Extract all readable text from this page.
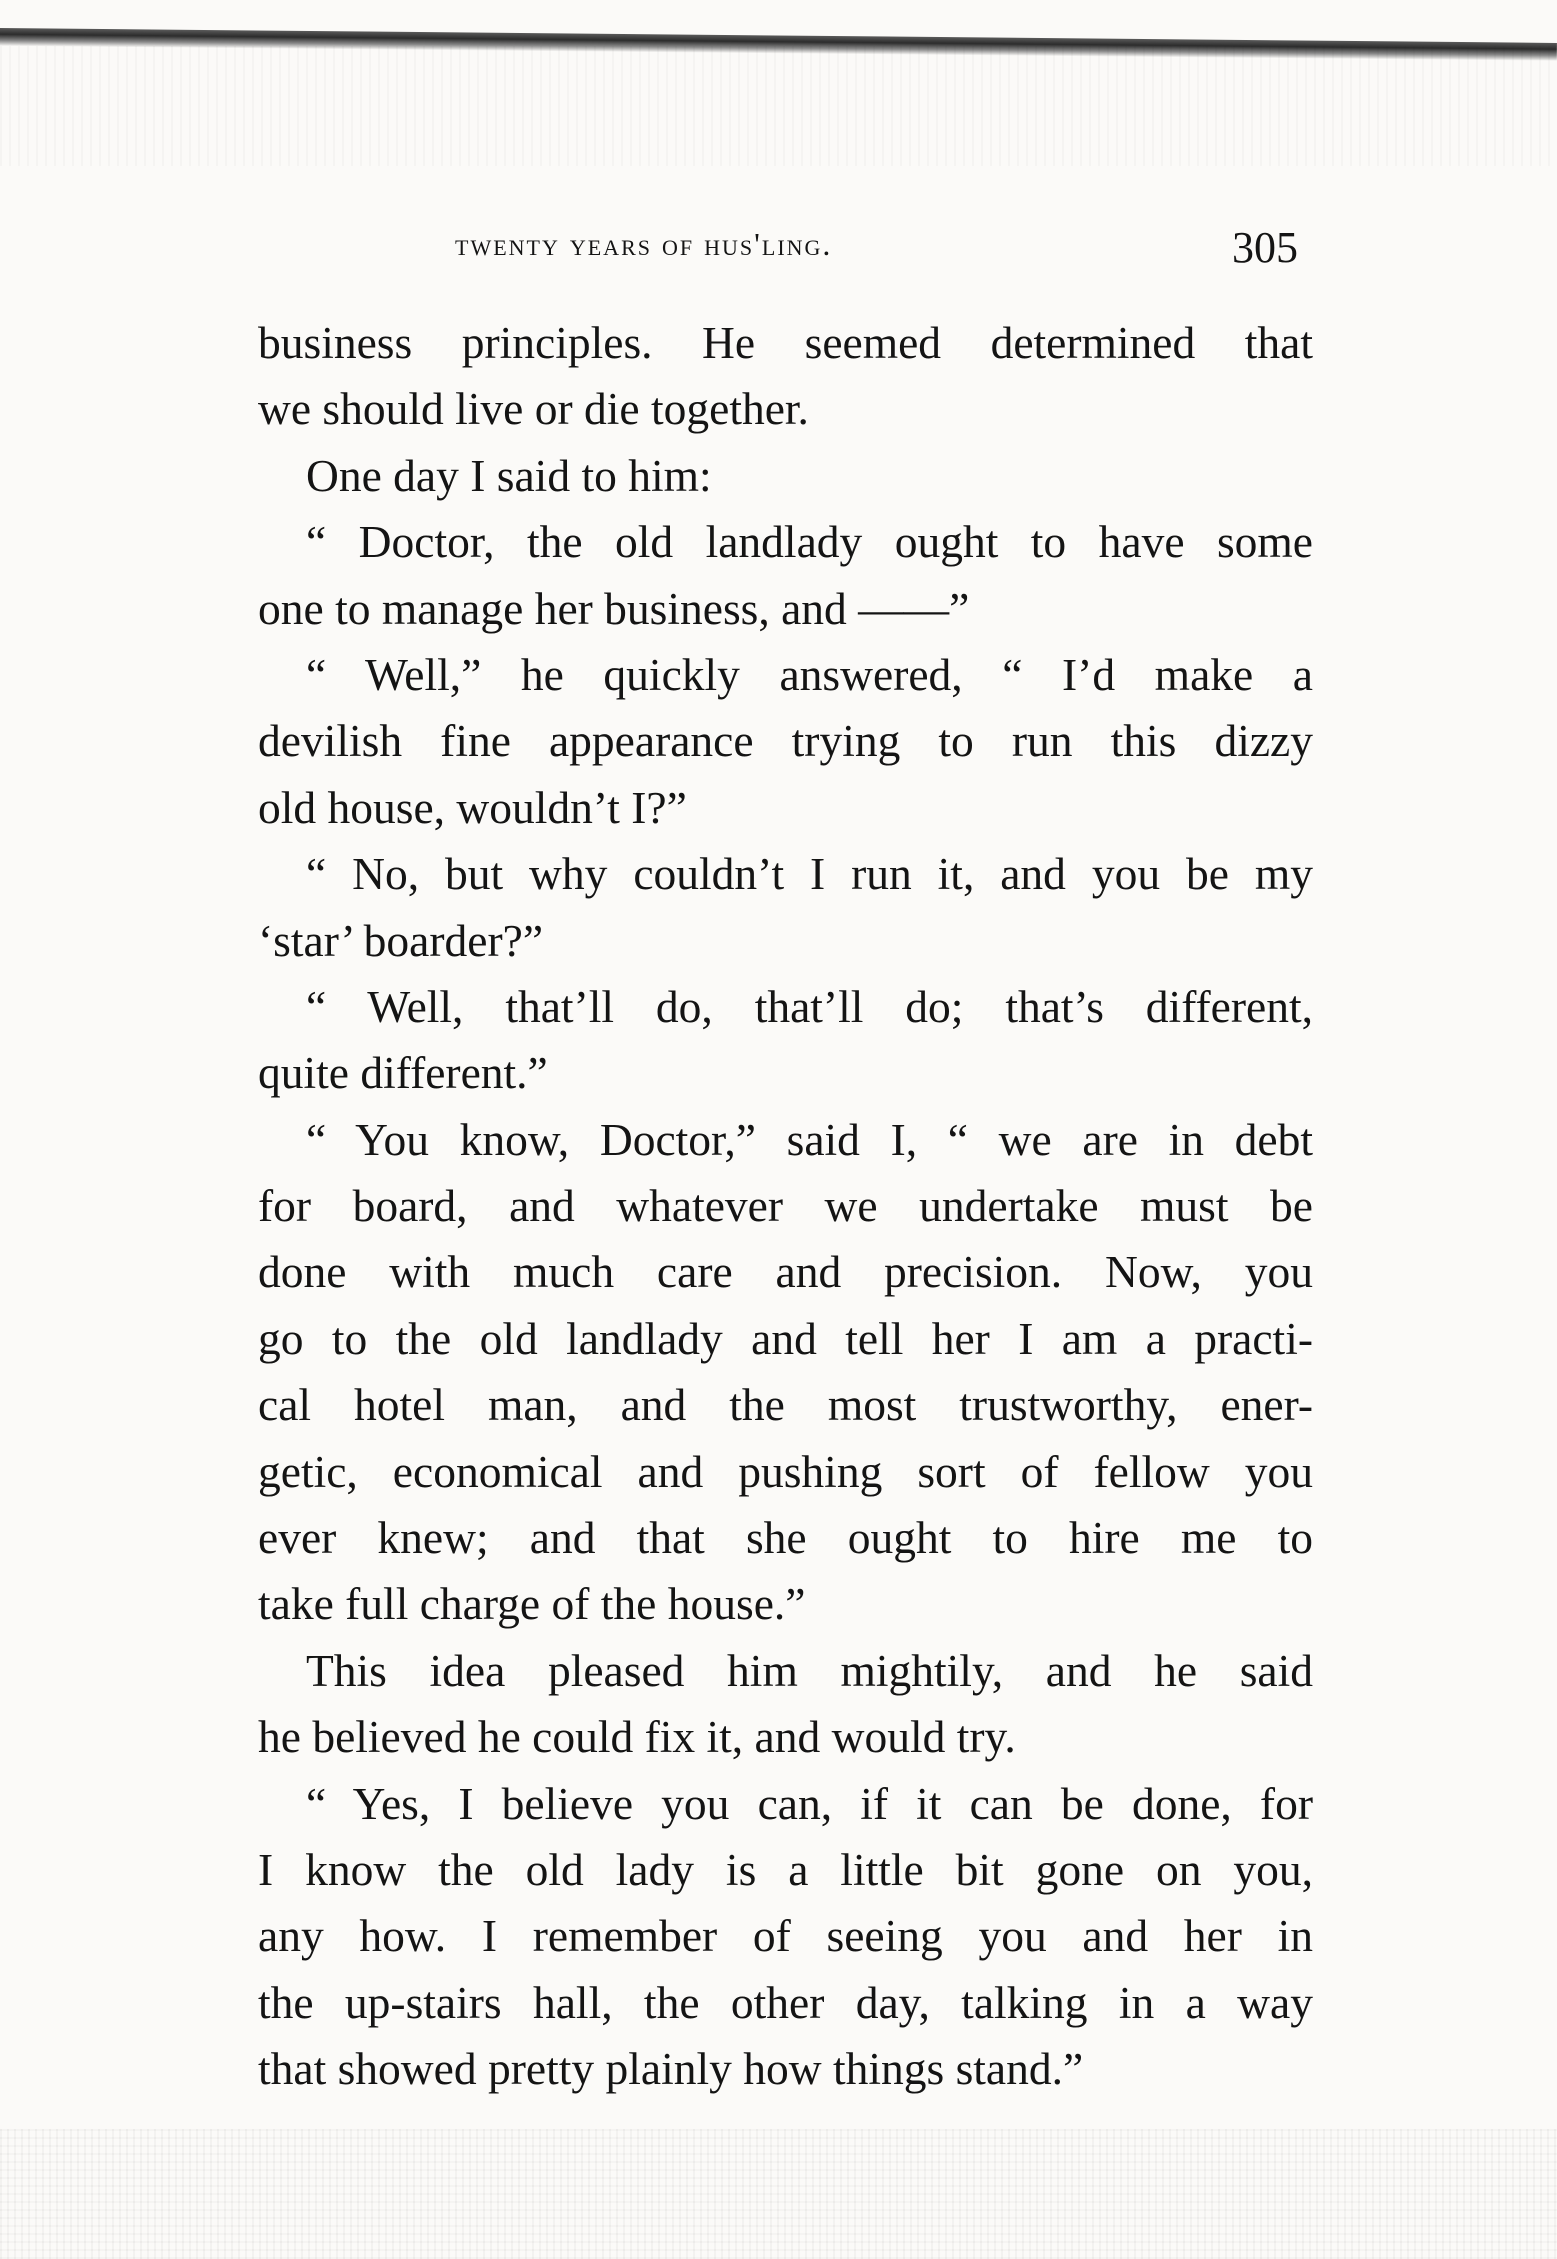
twenty years of hus'ling.	305
business principles. He seemed determined that
we should live or die together.
One day I said to him:
“ Doctor, the old landlady ought to have some
one to manage her business, and ——”
“ Well,” he quickly answered, “ I’d make a
devilish fine appearance trying to run this dizzy
old house, wouldn’t I?”
“ No, but why couldn’t I run it, and you be my
‘star’ boarder?”
“ Well, that’ll do, that’ll do; that’s different,
quite different.”
“ You know, Doctor,” said I, “ we are in debt
for board, and whatever we undertake must be
done with much care and precision. Now, you
go to the old landlady and tell her I am a practi-
cal hotel man, and the most trustworthy, ener-
getic, economical and pushing sort of fellow you
ever knew; and that she ought to hire me to
take full charge of the house.”
This idea pleased him mightily, and he said
he believed he could fix it, and would try.
“ Yes, I believe you can, if it can be done, for
I know the old lady is a little bit gone on you,
any how. I remember of seeing you and her in
the up-stairs hall, the other day, talking in a way
that showed pretty plainly how things stand.”
